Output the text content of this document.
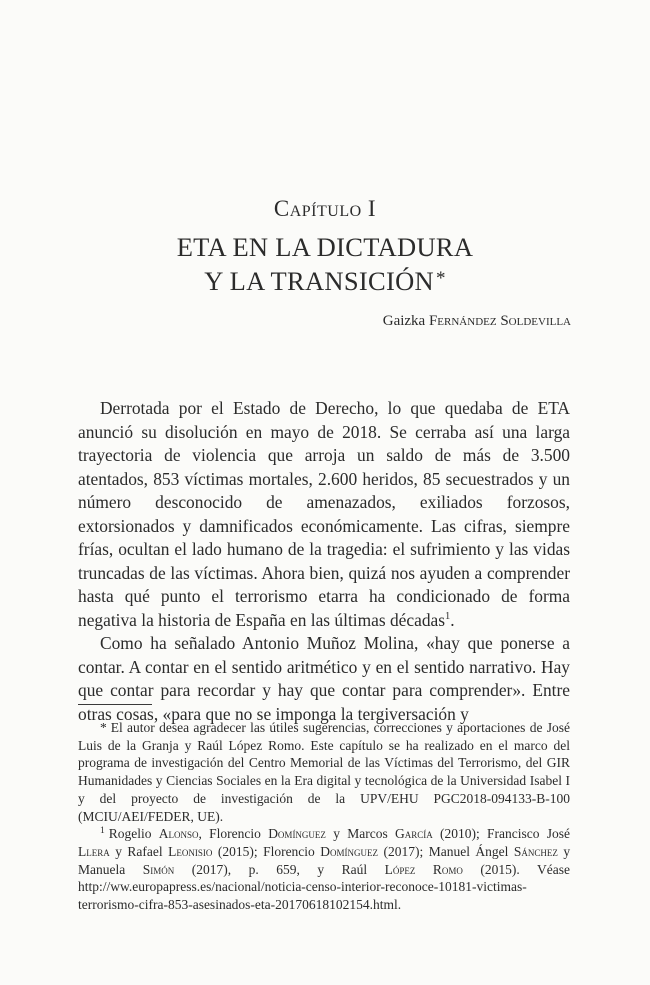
Capítulo I
ETA EN LA DICTADURA
Y LA TRANSICIÓN *
Gaizka Fernández Soldevilla

Derrotada por el Estado de Derecho, lo que quedaba de ETA anunció su disolución en mayo de 2018. Se cerraba así una larga trayectoria de violencia que arroja un saldo de más de 3.500 atentados, 853 víctimas mortales, 2.600 heridos, 85 secuestrados y un número desconocido de amenazados, exiliados forzosos, extorsionados y damnificados económicamente. Las cifras, siempre frías, ocultan el lado humano de la tragedia: el sufrimiento y las vidas truncadas de las víctimas. Ahora bien, quizá nos ayuden a comprender hasta qué punto el terrorismo etarra ha condicionado de forma negativa la historia de España en las últimas décadas$^1$.

Como ha señalado Antonio Muñoz Molina, «hay que ponerse a contar. A contar en el sentido aritmético y en el sentido narrativo. Hay que contar para recordar y hay que contar para comprender». Entre otras cosas, «para que no se imponga la tergiversación y

* El autor desea agradecer las útiles sugerencias, correcciones y aportaciones de José Luis de la Granja y Raúl López Romo. Este capítulo se ha realizado en el marco del programa de investigación del Centro Memorial de las Víctimas del Terrorismo, del GIR Humanidades y Ciencias Sociales en la Era digital y tecnológica de la Universidad Isabel I y del proyecto de investigación de la UPV/EHU PGC2018-094133-B-100 (MCIU/AEI/FEDER, UE).

$^1$ Rogelio Alonso, Florencio Domínguez y Marcos García (2010); Francisco José Llera y Rafael Leonisio (2015); Florencio Domínguez (2017); Manuel Ángel Sánchez y Manuela Simón (2017), p. 659, y Raúl López Romo (2015). Véase http://ww.europapress.es/nacional/noticia-censo-interior-reconoce-10181-victimas-terrorismo-cifra-853-asesinados-eta-20170618102154.html.
